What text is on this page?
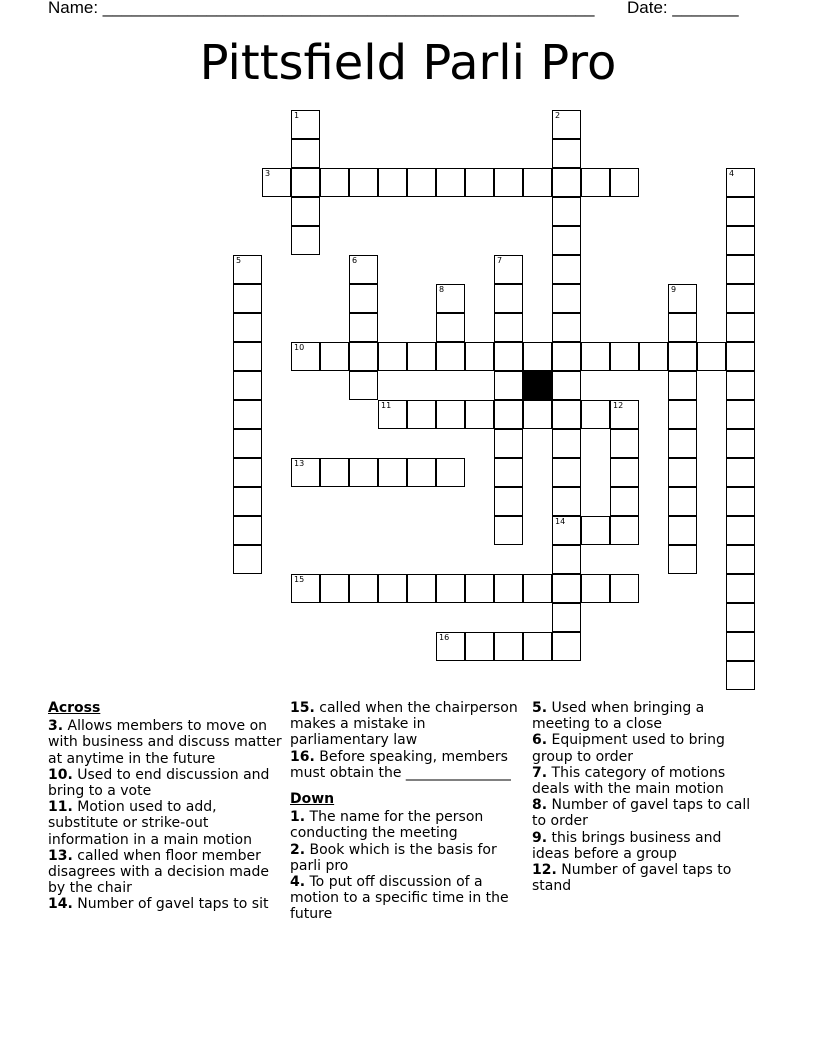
Name: ____________________________________________________ Date: _______
Pittsfield Parli Pro
1	2
3	4
5	6	7
8	9
10
11	12
13
14
15
16
Across
3. Allows members to move on with business and discuss matter at anytime in the future
10. Used to end discussion and bring to a vote
11. Motion used to add, substitute or strike-out information in a main motion
13. called when floor member disagrees with a decision made by the chair
14. Number of gavel taps to sit
15. called when the chairperson makes a mistake in parliamentary law
16. Before speaking, members must obtain the _______________
Down
1. The name for the person conducting the meeting
2. Book which is the basis for parli pro
4. To put off discussion of a motion to a specific time in the future
5. Used when bringing a meeting to a close
6. Equipment used to bring group to order
7. This category of motions deals with the main motion
8. Number of gavel taps to call to order
9. this brings business and ideas before a group
12. Number of gavel taps to stand
